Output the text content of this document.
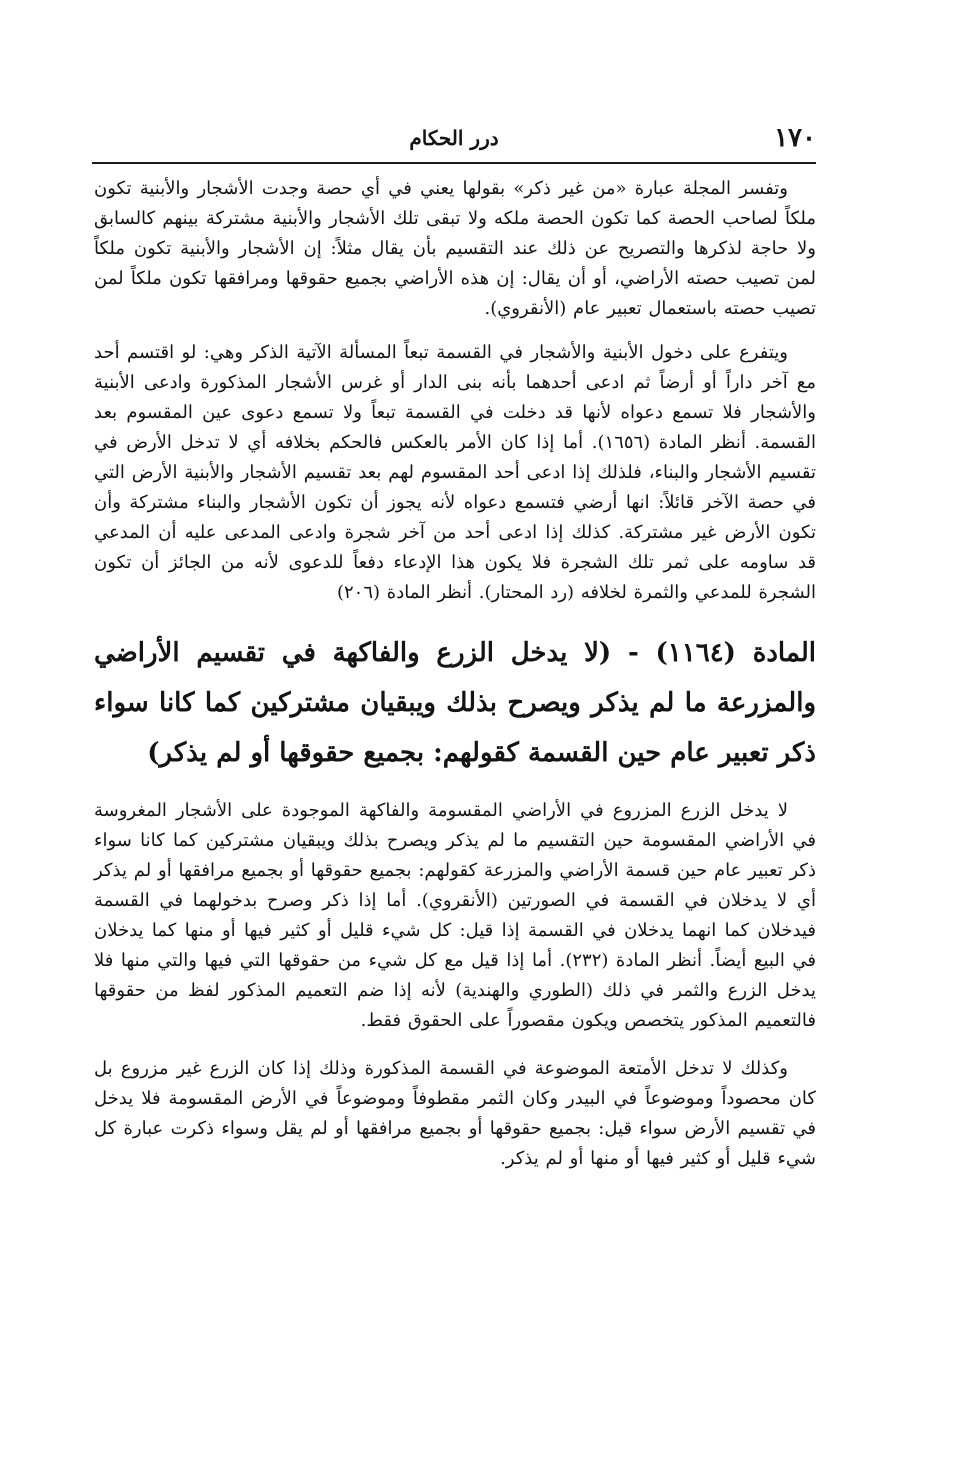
١٧٠
درر الحكام

وتفسر المجلة عبارة «من غير ذكر» بقولها يعني في أي حصة وجدت الأشجار والأبنية تكون ملكاً لصاحب الحصة كما تكون الحصة ملكه ولا تبقى تلك الأشجار والأبنية مشتركة بينهم كالسابق ولا حاجة لذكرها والتصريح عن ذلك عند التقسيم بأن يقال مثلاً: إن الأشجار والأبنية تكون ملكاً لمن تصيب حصته الأراضي، أو أن يقال: إن هذه الأراضي بجميع حقوقها ومرافقها تكون ملكاً لمن تصيب حصته باستعمال تعبير عام (الأنقروي).

ويتفرع على دخول الأبنية والأشجار في القسمة تبعاً المسألة الآتية الذكر وهي: لو اقتسم أحد مع آخر داراً أو أرضاً ثم ادعى أحدهما بأنه بنى الدار أو غرس الأشجار المذكورة وادعى الأبنية والأشجار فلا تسمع دعواه لأنها قد دخلت في القسمة تبعاً ولا تسمع دعوى عين المقسوم بعد القسمة. أنظر المادة (١٦٥٦). أما إذا كان الأمر بالعكس فالحكم بخلافه أي لا تدخل الأرض في تقسيم الأشجار والبناء، فلذلك إذا ادعى أحد المقسوم لهم بعد تقسيم الأشجار والأبنية الأرض التي في حصة الآخر قائلاً: انها أرضي فتسمع دعواه لأنه يجوز أن تكون الأشجار والبناء مشتركة وأن تكون الأرض غير مشتركة. كذلك إذا ادعى أحد من آخر شجرة وادعى المدعى عليه أن المدعي قد ساومه على ثمر تلك الشجرة فلا يكون هذا الإدعاء دفعاً للدعوى لأنه من الجائز أن تكون الشجرة للمدعي والثمرة لخلافه (رد المحتار). أنظر المادة (٢٠٦)

المادة (١١٦٤) - (لا يدخل الزرع والفاكهة في تقسيم الأراضي والمزرعة ما لم يذكر ويصرح بذلك ويبقيان مشتركين كما كانا سواء ذكر تعبير عام حين القسمة كقولهم: بجميع حقوقها أو لم يذكر)

لا يدخل الزرع المزروع في الأراضي المقسومة والفاكهة الموجودة على الأشجار المغروسة في الأراضي المقسومة حين التقسيم ما لم يذكر ويصرح بذلك ويبقيان مشتركين كما كانا سواء ذكر تعبير عام حين قسمة الأراضي والمزرعة كقولهم: بجميع حقوقها أو بجميع مرافقها أو لم يذكر أي لا يدخلان في القسمة في الصورتين (الأنقروي). أما إذا ذكر وصرح بدخولهما في القسمة فيدخلان كما انهما يدخلان في القسمة إذا قيل: كل شيء قليل أو كثير فيها أو منها كما يدخلان في البيع أيضاً. أنظر المادة (٢٣٢). أما إذا قيل مع كل شيء من حقوقها التي فيها والتي منها فلا يدخل الزرع والثمر في ذلك (الطوري والهندية) لأنه إذا ضم التعميم المذكور لفظ من حقوقها فالتعميم المذكور يتخصص ويكون مقصوراً على الحقوق فقط.

وكذلك لا تدخل الأمتعة الموضوعة في القسمة المذكورة وذلك إذا كان الزرع غير مزروع بل كان محصوداً وموضوعاً في البيدر وكان الثمر مقطوفاً وموضوعاً في الأرض المقسومة فلا يدخل في تقسيم الأرض سواء قيل: بجميع حقوقها أو بجميع مرافقها أو لم يقل وسواء ذكرت عبارة كل شيء قليل أو كثير فيها أو منها أو لم يذكر.
